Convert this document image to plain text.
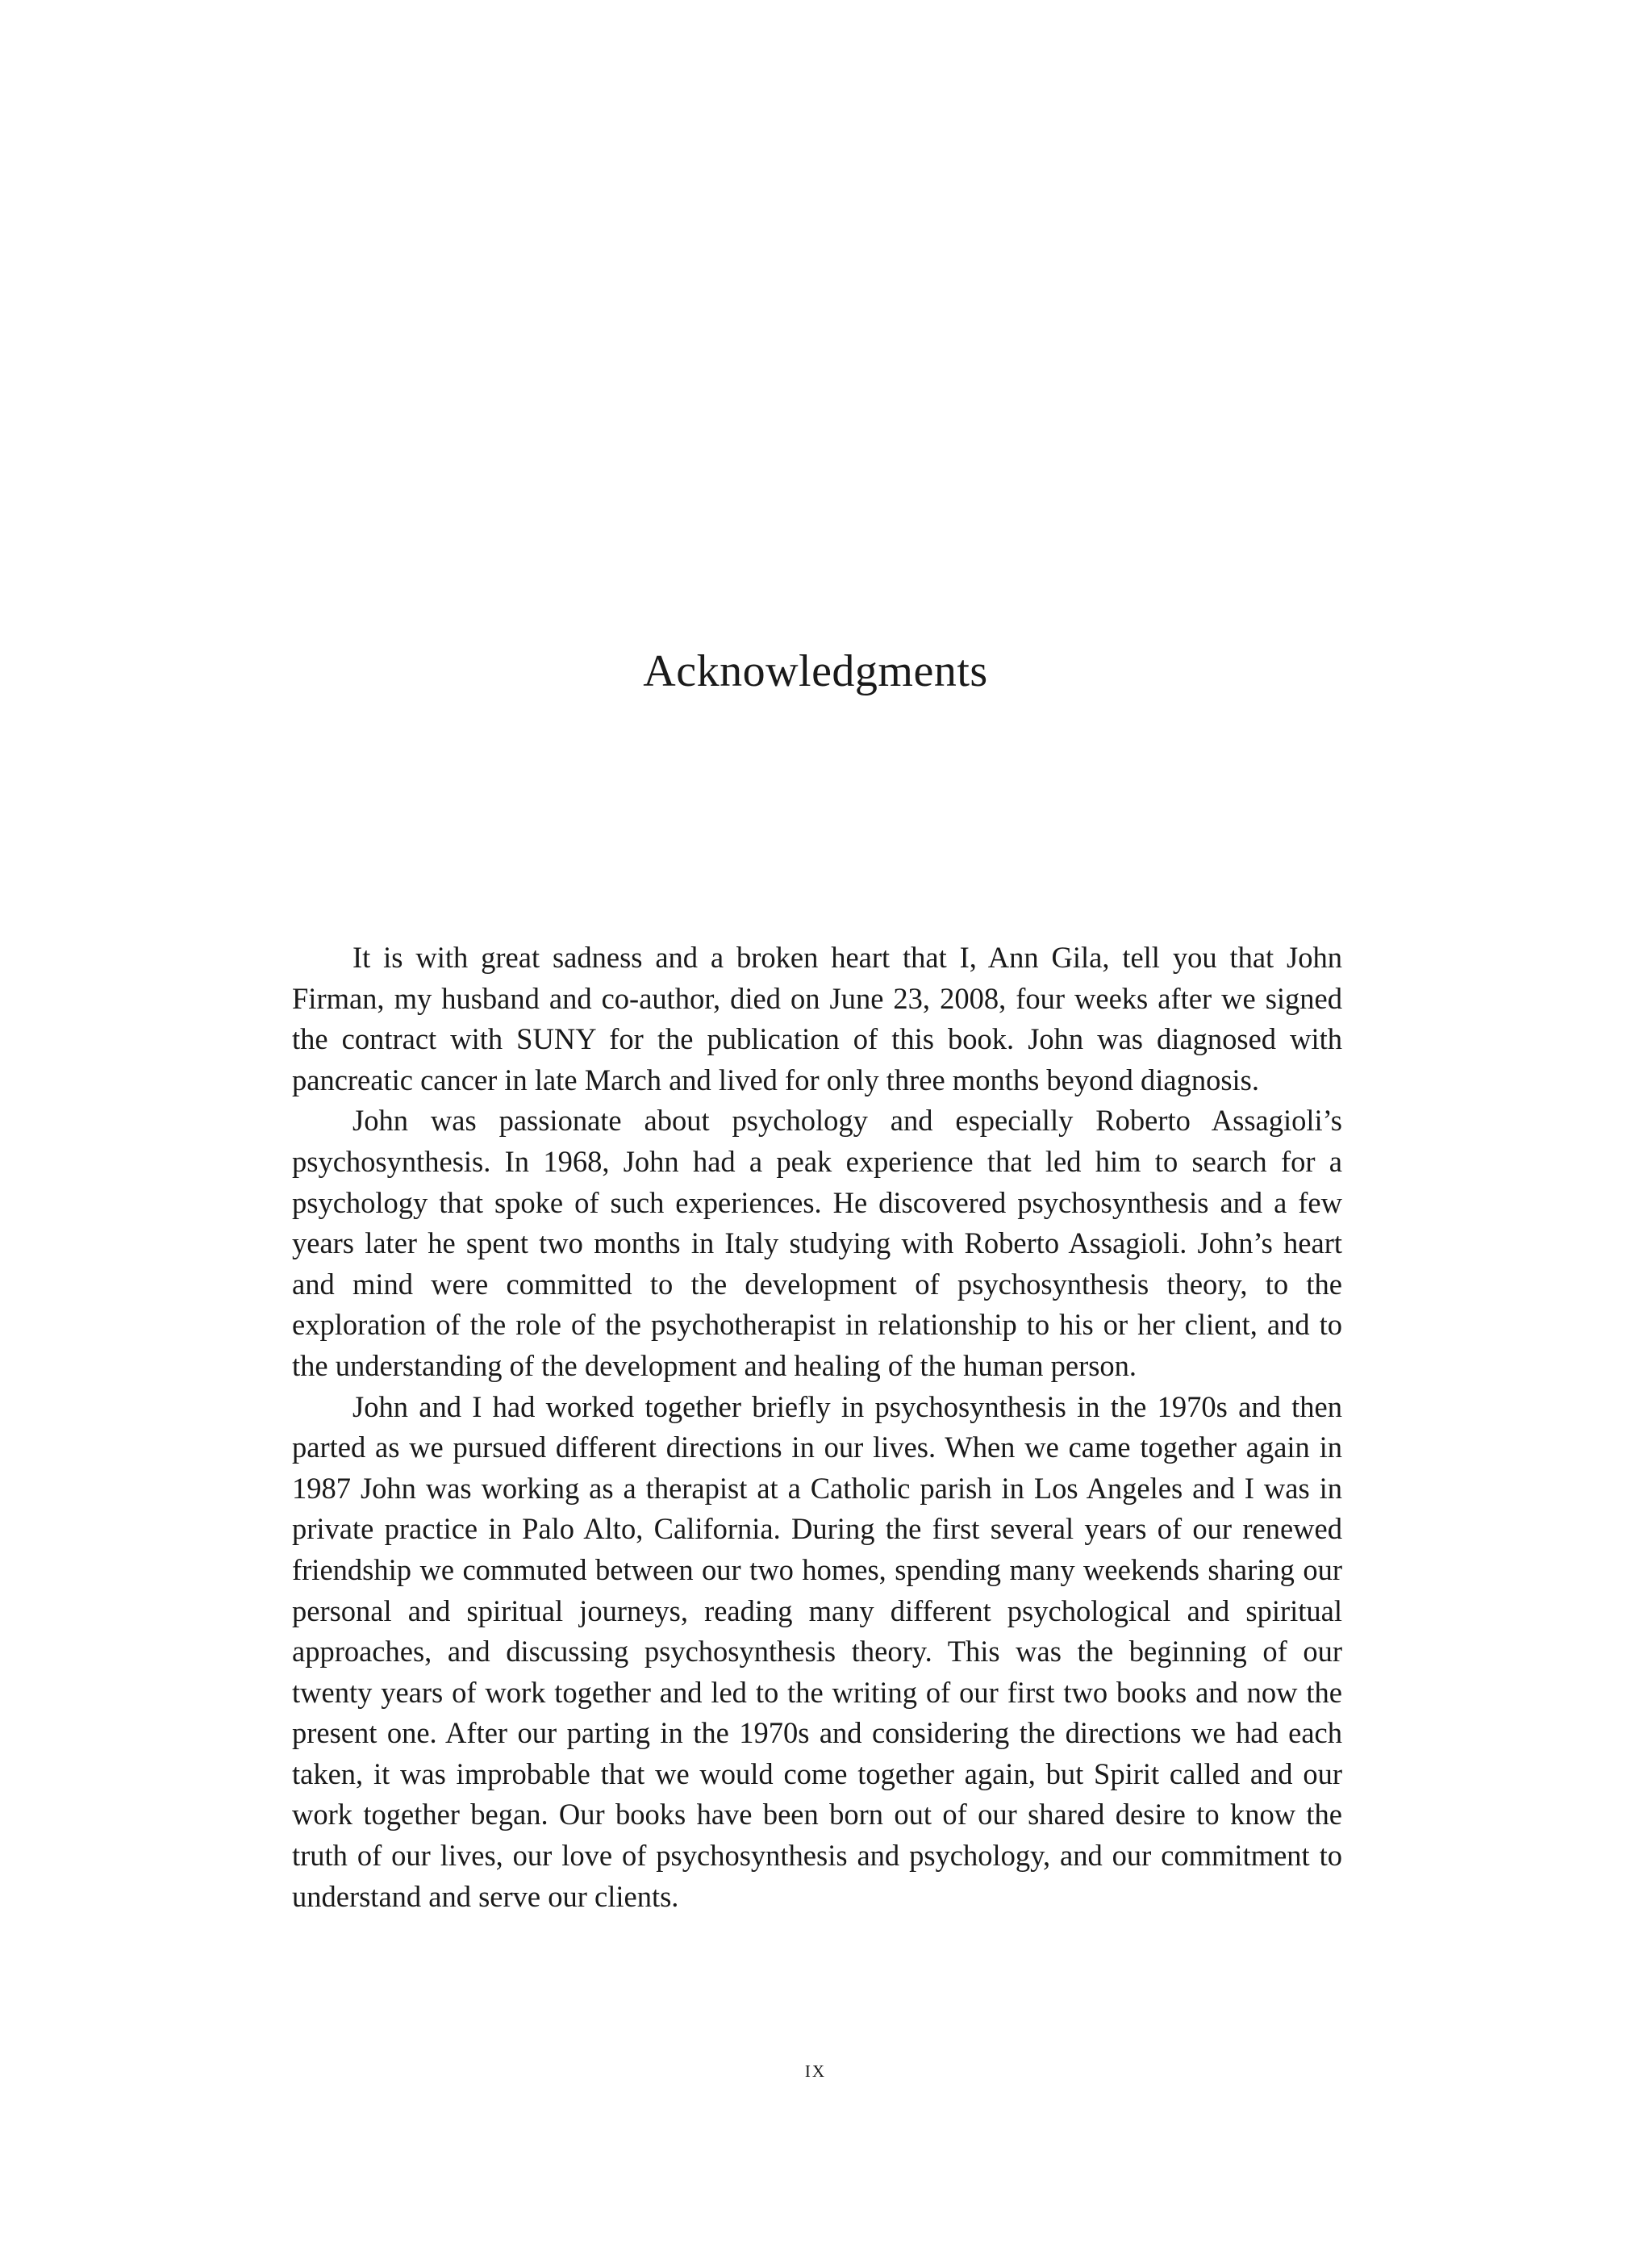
Acknowledgments

It is with great sadness and a broken heart that I, Ann Gila, tell you that John Firman, my husband and co-author, died on June 23, 2008, four weeks after we signed the contract with SUNY for the publication of this book. John was diagnosed with pancreatic cancer in late March and lived for only three months beyond diagnosis.

John was passionate about psychology and especially Roberto Assagioli’s psychosynthesis. In 1968, John had a peak experience that led him to search for a psychology that spoke of such experiences. He discovered psychosynthesis and a few years later he spent two months in Italy studying with Roberto Assagioli. John’s heart and mind were committed to the development of psychosynthesis theory, to the exploration of the role of the psychotherapist in relationship to his or her client, and to the understanding of the development and healing of the human person.

John and I had worked together briefly in psychosynthesis in the 1970s and then parted as we pursued different directions in our lives. When we came together again in 1987 John was working as a therapist at a Catholic parish in Los Angeles and I was in private practice in Palo Alto, California. During the first several years of our renewed friendship we commuted between our two homes, spending many weekends sharing our personal and spiritual journeys, reading many different psychological and spiritual approaches, and discussing psychosynthesis theory. This was the beginning of our twenty years of work together and led to the writing of our first two books and now the present one. After our parting in the 1970s and considering the directions we had each taken, it was improbable that we would come together again, but Spirit called and our work together began. Our books have been born out of our shared desire to know the truth of our lives, our love of psychosynthesis and psychology, and our commitment to understand and serve our clients.

ix
